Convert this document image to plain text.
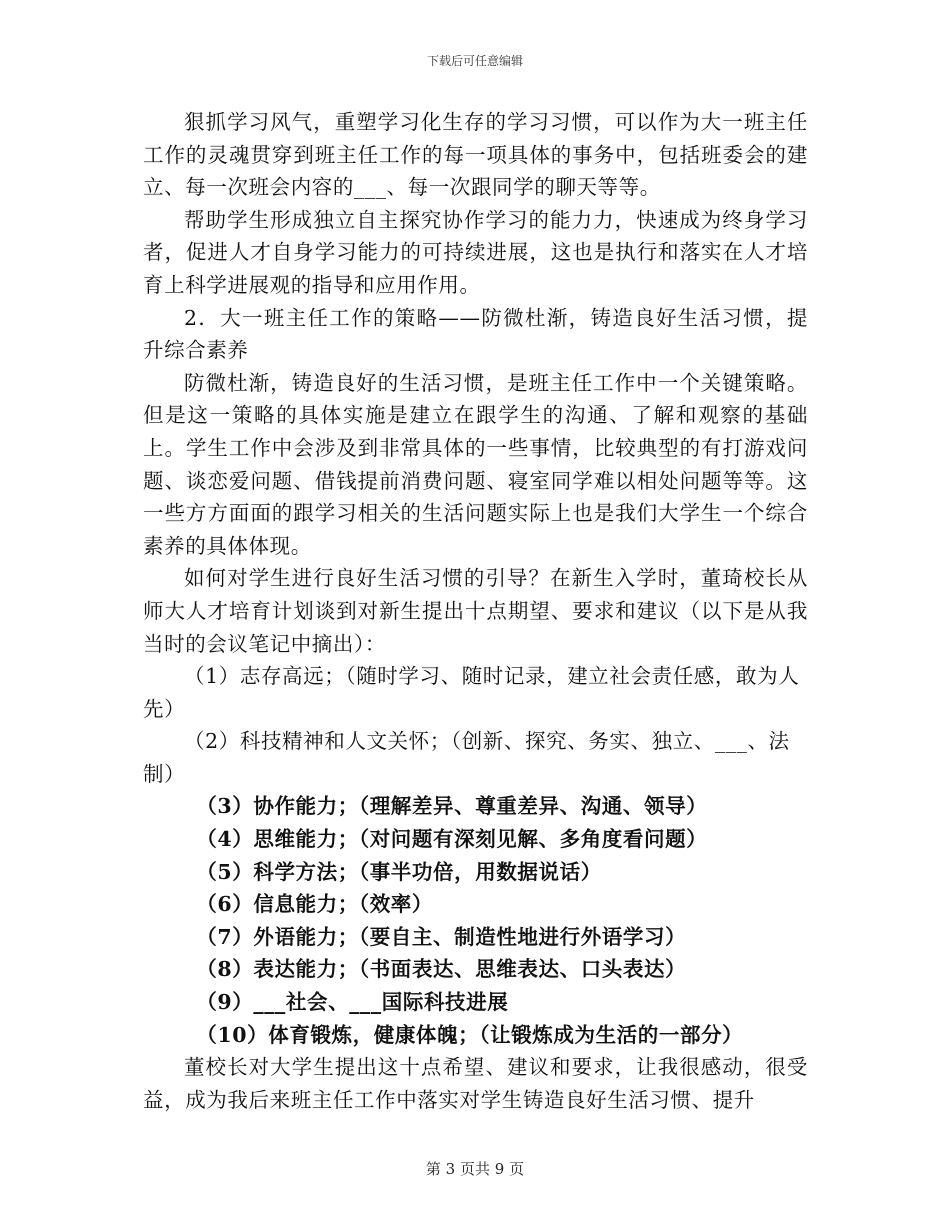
下载后可任意编辑

狠抓学习风气，重塑学习化生存的学习习惯，可以作为大一班主任工作的灵魂贯穿到班主任工作的每一项具体的事务中，包括班委会的建立、每一次班会内容的___、每一次跟同学的聊天等等。

帮助学生形成独立自主探究协作学习的能力力，快速成为终身学习者，促进人才自身学习能力的可持续进展，这也是执行和落实在人才培育上科学进展观的指导和应用作用。

2．大一班主任工作的策略——防微杜渐，铸造良好生活习惯，提升综合素养

防微杜渐，铸造良好的生活习惯，是班主任工作中一个关键策略。但是这一策略的具体实施是建立在跟学生的沟通、了解和观察的基础上。学生工作中会涉及到非常具体的一些事情，比较典型的有打游戏问题、谈恋爱问题、借钱提前消费问题、寝室同学难以相处问题等等。这一些方方面面的跟学习相关的生活问题实际上也是我们大学生一个综合素养的具体体现。

如何对学生进行良好生活习惯的引导？在新生入学时，董琦校长从师大人才培育计划谈到对新生提出十点期望、要求和建议（以下是从我当时的会议笔记中摘出）：

（1）志存高远；（随时学习、随时记录，建立社会责任感，敢为人先）

（2）科技精神和人文关怀；（创新、探究、务实、独立、___、法制）

（3）协作能力；（理解差异、尊重差异、沟通、领导）

（4）思维能力；（对问题有深刻见解、多角度看问题）

（5）科学方法；（事半功倍，用数据说话）

（6）信息能力；（效率）

（7）外语能力；（要自主、制造性地进行外语学习）

（8）表达能力；（书面表达、思维表达、口头表达）

（9）___社会、___国际科技进展

（10）体育锻炼，健康体魄；（让锻炼成为生活的一部分）

董校长对大学生提出这十点希望、建议和要求，让我很感动，很受益，成为我后来班主任工作中落实对学生铸造良好生活习惯、提升

第 3 页共 9 页
